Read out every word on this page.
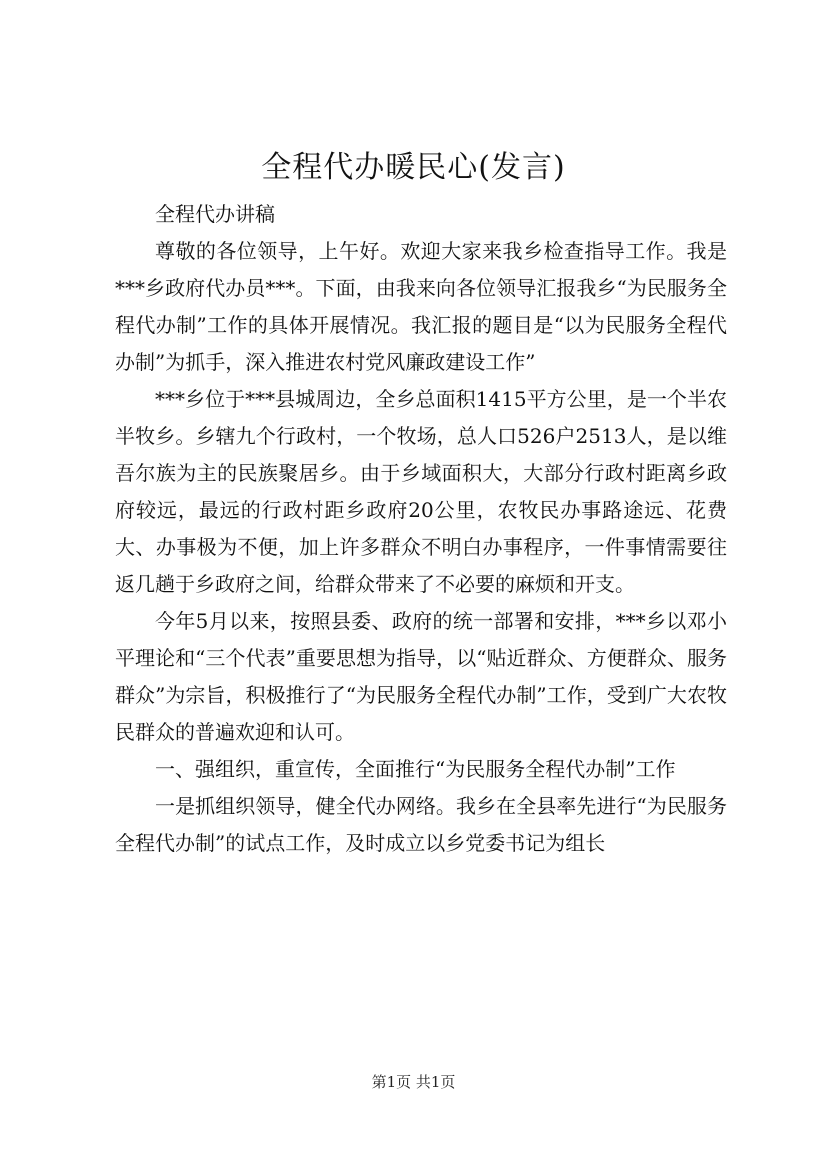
全程代办暖民心(发言)

全程代办讲稿

尊敬的各位领导，上午好。欢迎大家来我乡检查指导工作。我是***乡政府代办员***。下面，由我来向各位领导汇报我乡“为民服务全程代办制”工作的具体开展情况。我汇报的题目是“以为民服务全程代办制”为抓手，深入推进农村党风廉政建设工作”

***乡位于***县城周边，全乡总面积1415平方公里，是一个半农半牧乡。乡辖九个行政村，一个牧场，总人口526户2513人，是以维吾尔族为主的民族聚居乡。由于乡域面积大，大部分行政村距离乡政府较远，最远的行政村距乡政府20公里，农牧民办事路途远、花费大、办事极为不便，加上许多群众不明白办事程序，一件事情需要往返几趟于乡政府之间，给群众带来了不必要的麻烦和开支。

今年5月以来，按照县委、政府的统一部署和安排，***乡以邓小平理论和“三个代表”重要思想为指导，以“贴近群众、方便群众、服务群众”为宗旨，积极推行了“为民服务全程代办制”工作，受到广大农牧民群众的普遍欢迎和认可。

一、强组织，重宣传，全面推行“为民服务全程代办制”工作

一是抓组织领导，健全代办网络。我乡在全县率先进行“为民服务全程代办制”的试点工作，及时成立以乡党委书记为组长

第1页 共1页
